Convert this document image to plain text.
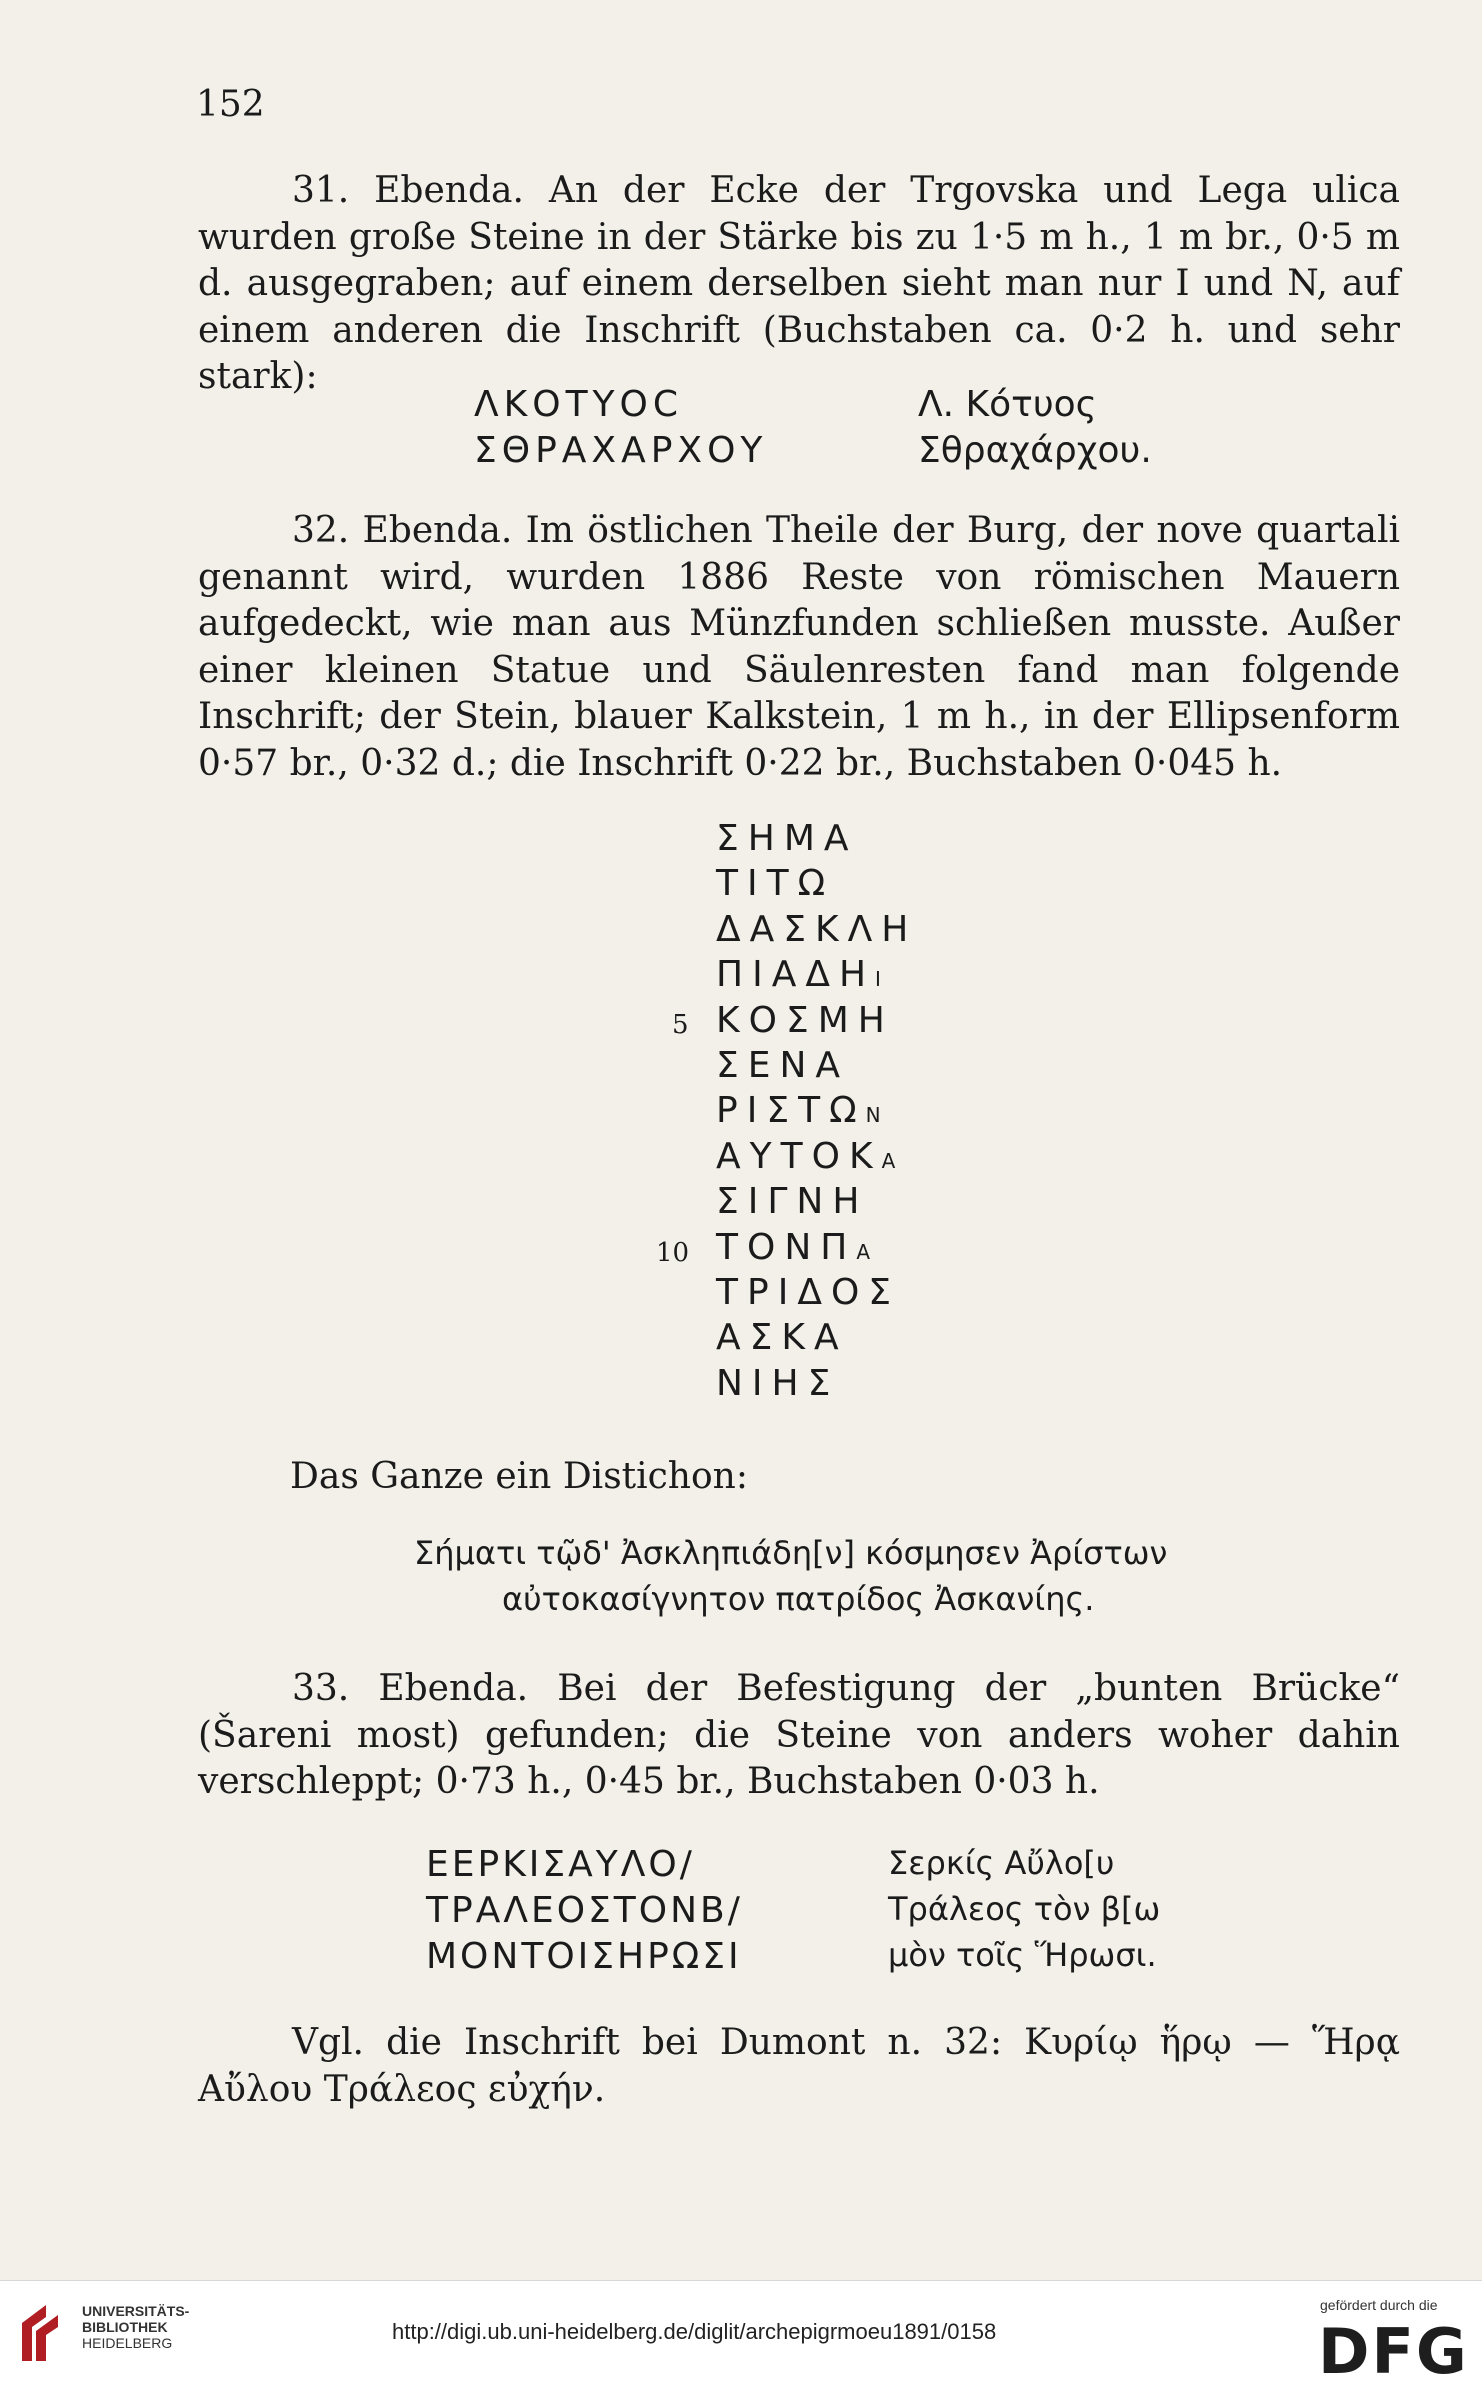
152

31. Ebenda. An der Ecke der Trgovska und Lega ulica wurden große Steine in der Stärke bis zu 1·5 m h., 1 m br., 0·5 m d. ausgegraben; auf einem derselben sieht man nur I und N, auf einem anderen die Inschrift (Buchstaben ca. 0·2 h. und sehr stark):

ΛΚΟΤΥΟC
ΣΘΡΑΧΑΡΧΟΥ
Λ. Κότυος
Σθραχάρχου.

32. Ebenda. Im östlichen Theile der Burg, der nove quartali genannt wird, wurden 1886 Reste von römischen Mauern aufgedeckt, wie man aus Münzfunden schließen musste. Außer einer kleinen Statue und Säulenresten fand man folgende Inschrift; der Stein, blauer Kalkstein, 1 m h., in der Ellipsenform 0·57 br., 0·32 d.; die Inschrift 0·22 br., Buchstaben 0·045 h.

ΣΗΜΑ
ΤΙΤΩ
ΔΑΣΚΛΗ
ΠΙΑΔΗΙ
ΚΟΣΜΗ
ΣΕΝΑ
ΡΙΣΤΩΝ
ΑΥΤΟΚΑ
ΣΙΓΝΗ
ΤΟΝΠΑ
ΤΡΙΔΟΣ
ΑΣΚΑ
ΝΙΗΣ
5
10
Das Ganze ein Distichon:
Σήματι τῷδ' Ἀσκληπιάδη[ν] κόσμησεν Ἀρίστων
αὐτοκασίγνητον πατρίδος Ἀσκανίης.

33. Ebenda. Bei der Befestigung der „bunten Brücke“ (Šareni most) gefunden; die Steine von anders woher dahin verschleppt; 0·73 h., 0·45 br., Buchstaben 0·03 h.

ΕΕΡΚΙΣΑΥΛΟ/
ΤΡΑΛΕΟΣΤΟΝΒ/
ΜΟΝΤΟΙΣΗΡΩΣΙ
Σερκίς Αὔλο[υ
Τράλεος τὸν β[ω
μὸν τοῖς Ἥρωσι.

Vgl. die Inschrift bei Dumont n. 32: Κυρίῳ ἥρῳ — Ἥρᾳ Αὔλου Τράλεος εὐχήν.

UNIVERSITÄTS-
BIBLIOTHEK
HEIDELBERG	http://digi.ub.uni-heidelberg.de/diglit/archepigrmoeu1891/0158
gefördert durch die
DFG
